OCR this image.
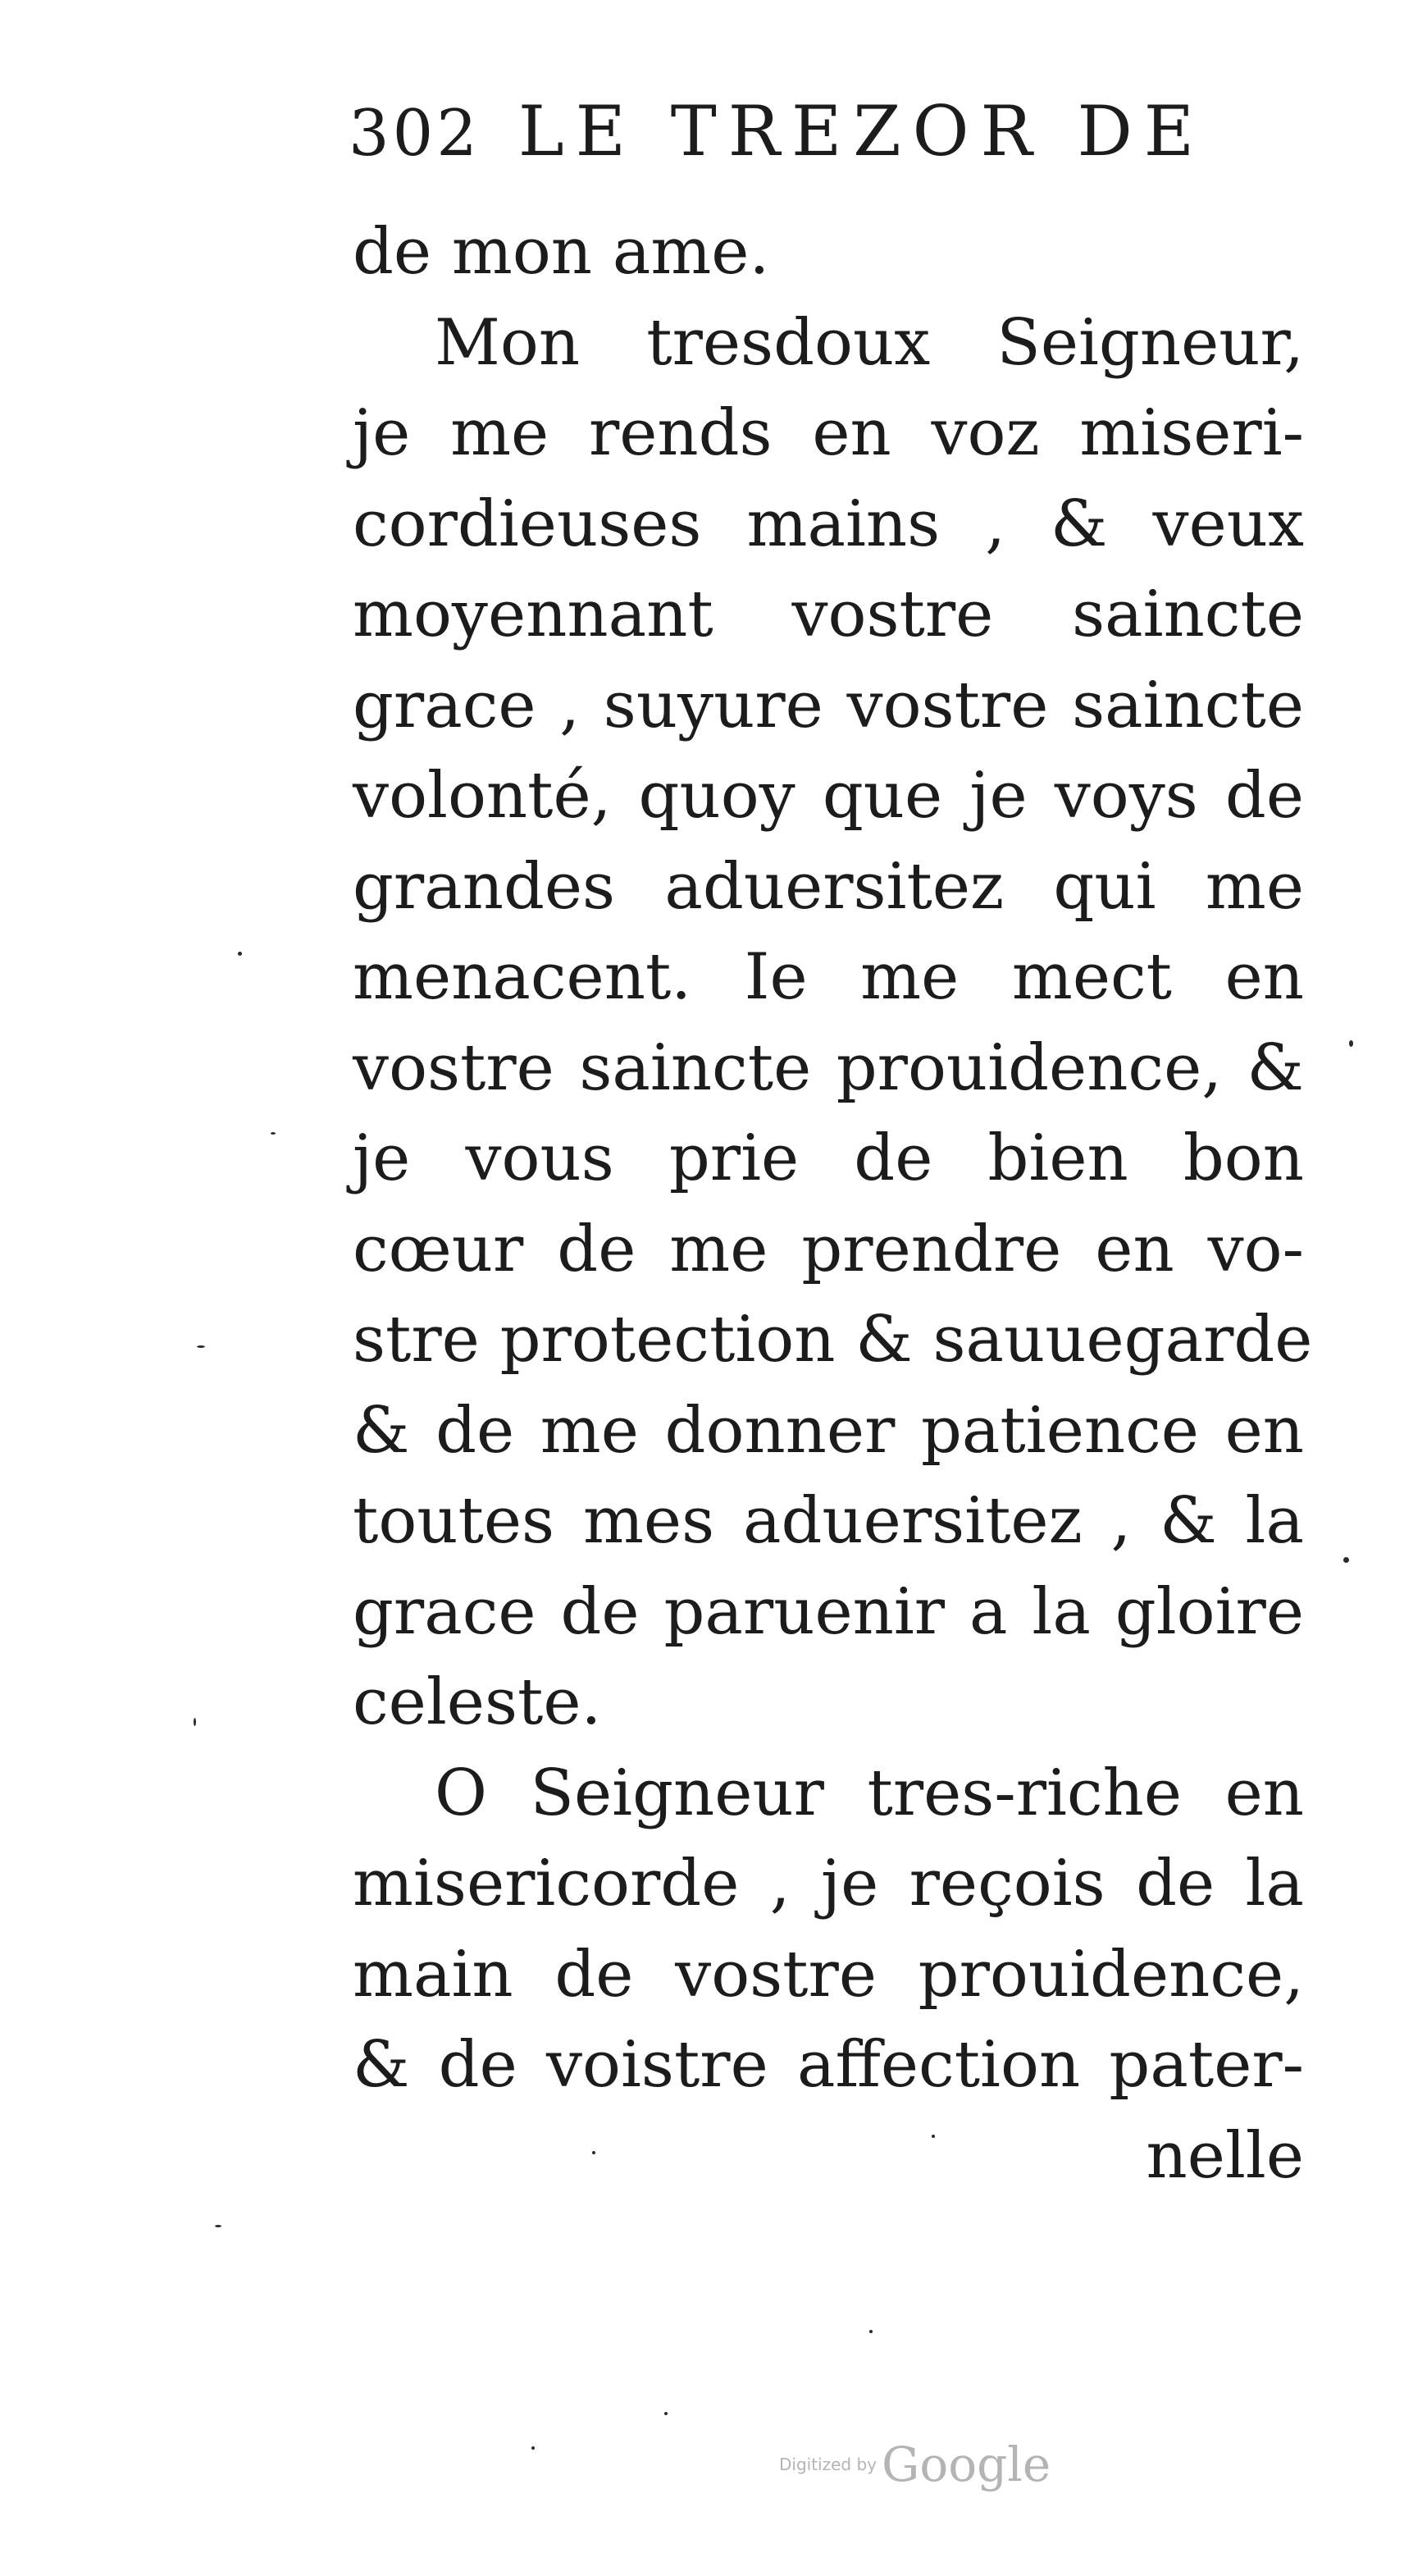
302 LE TREZOR DE
de mon ame.
Mon tresdoux Seigneur,
je me rends en voz miseri-
cordieuses mains , & veux
moyennant vostre saincte
grace , suyure vostre saincte
volonté, quoy que je voys de
grandes aduersitez qui me
menacent. Ie me mect en
vostre saincte prouidence, &
je vous prie de bien bon
cœur de me prendre en vo-
stre protection & sauuegarde
& de me donner patience en
toutes mes aduersitez , & la
grace de paruenir a la gloire
celeste.
O Seigneur tres-riche en
misericorde , je reçois de la
main de vostre prouidence,
& de voistre affection pater-
nelle
Digitized by Google
